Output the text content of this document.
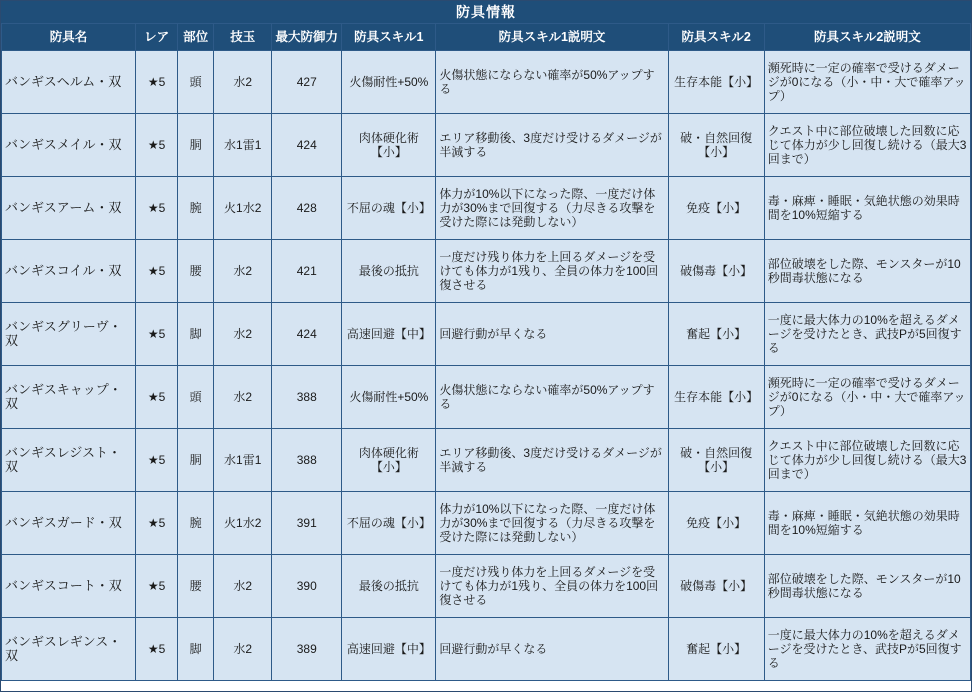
防具情報
防具名	レア	部位	技玉	最大防御力	防具スキル1	防具スキル1説明文	防具スキル2	防具スキル2説明文
バンギスヘルム・双	★5	頭	水2	427	火傷耐性+50%	火傷状態にならない確率が50%アップする	生存本能【小】	瀕死時に一定の確率で受けるダメージが0になる（小・中・大で確率アップ）
バンギスメイル・双	★5	胴	水1雷1	424	肉体硬化術【小】	エリア移動後、3度だけ受けるダメージが半減する	破・自然回復【小】	クエスト中に部位破壊した回数に応じて体力が少し回復し続ける（最大3回まで）
バンギスアーム・双	★5	腕	火1水2	428	不屈の魂【小】	体力が10%以下になった際、一度だけ体力が30%まで回復する（力尽きる攻撃を受けた際には発動しない）	免疫【小】	毒・麻痺・睡眠・気絶状態の効果時間を10%短縮する
バンギスコイル・双	★5	腰	水2	421	最後の抵抗	一度だけ残り体力を上回るダメージを受けても体力が1残り、全員の体力を100回復させる	破傷毒【小】	部位破壊をした際、モンスターが10秒間毒状態になる
バンギスグリーヴ・双	★5	脚	水2	424	高速回避【中】	回避行動が早くなる	奮起【小】	一度に最大体力の10%を超えるダメージを受けたとき、武技Pが5回復する
バンギスキャップ・双	★5	頭	水2	388	火傷耐性+50%	火傷状態にならない確率が50%アップする	生存本能【小】	瀕死時に一定の確率で受けるダメージが0になる（小・中・大で確率アップ）
バンギスレジスト・双	★5	胴	水1雷1	388	肉体硬化術【小】	エリア移動後、3度だけ受けるダメージが半減する	破・自然回復【小】	クエスト中に部位破壊した回数に応じて体力が少し回復し続ける（最大3回まで）
バンギスガード・双	★5	腕	火1水2	391	不屈の魂【小】	体力が10%以下になった際、一度だけ体力が30%まで回復する（力尽きる攻撃を受けた際には発動しない）	免疫【小】	毒・麻痺・睡眠・気絶状態の効果時間を10%短縮する
バンギスコート・双	★5	腰	水2	390	最後の抵抗	一度だけ残り体力を上回るダメージを受けても体力が1残り、全員の体力を100回復させる	破傷毒【小】	部位破壊をした際、モンスターが10秒間毒状態になる
バンギスレギンス・双	★5	脚	水2	389	高速回避【中】	回避行動が早くなる	奮起【小】	一度に最大体力の10%を超えるダメージを受けたとき、武技Pが5回復する
